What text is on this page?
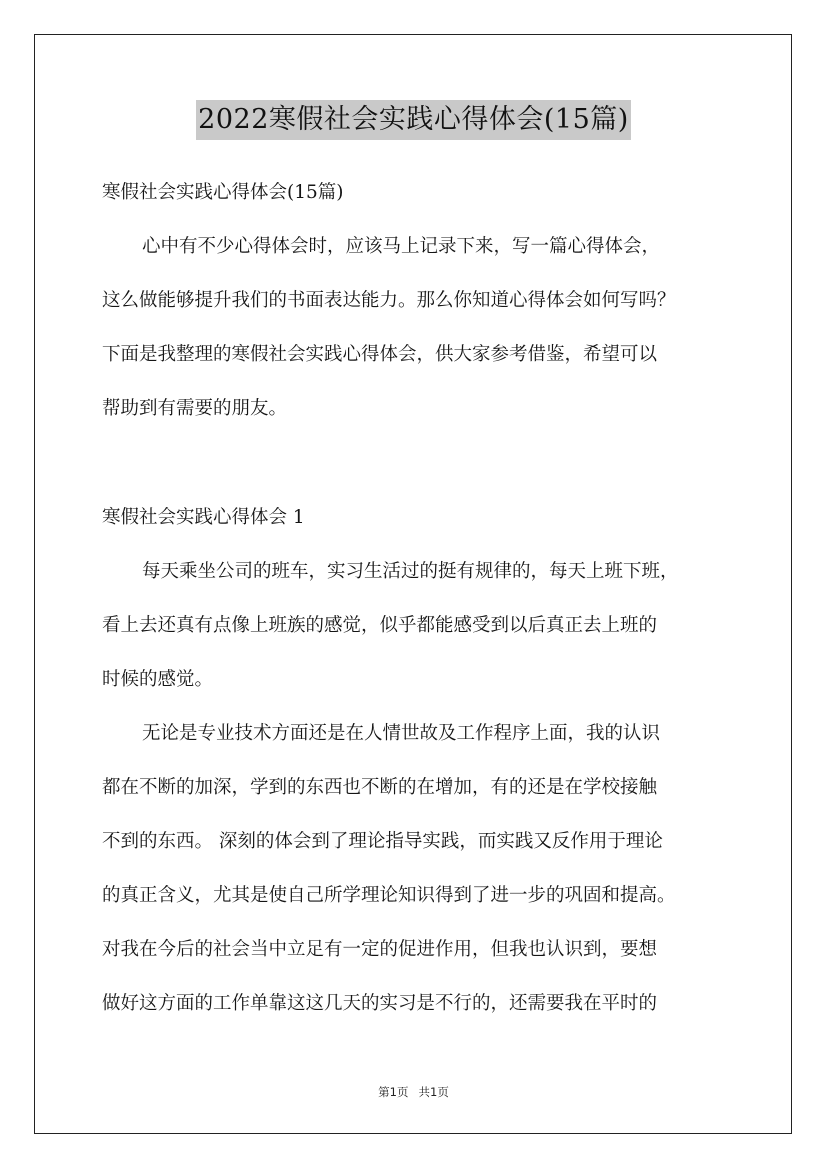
2022寒假社会实践心得体会(15篇)

寒假社会实践心得体会(15篇)

心中有不少心得体会时，应该马上记录下来，写一篇心得体会，

这么做能够提升我们的书面表达能力。那么你知道心得体会如何写吗？

下面是我整理的寒假社会实践心得体会，供大家参考借鉴，希望可以

帮助到有需要的朋友。

寒假社会实践心得体会 1

每天乘坐公司的班车，实习生活过的挺有规律的，每天上班下班，

看上去还真有点像上班族的感觉，似乎都能感受到以后真正去上班的

时候的感觉。

无论是专业技术方面还是在人情世故及工作程序上面，我的认识

都在不断的加深，学到的东西也不断的在增加，有的还是在学校接触

不到的东西。 深刻的体会到了理论指导实践，而实践又反作用于理论

的真正含义，尤其是使自己所学理论知识得到了进一步的巩固和提高。

对我在今后的社会当中立足有一定的促进作用，但我也认识到，要想

做好这方面的工作单靠这这几天的实习是不行的，还需要我在平时的

第1页 共1页
